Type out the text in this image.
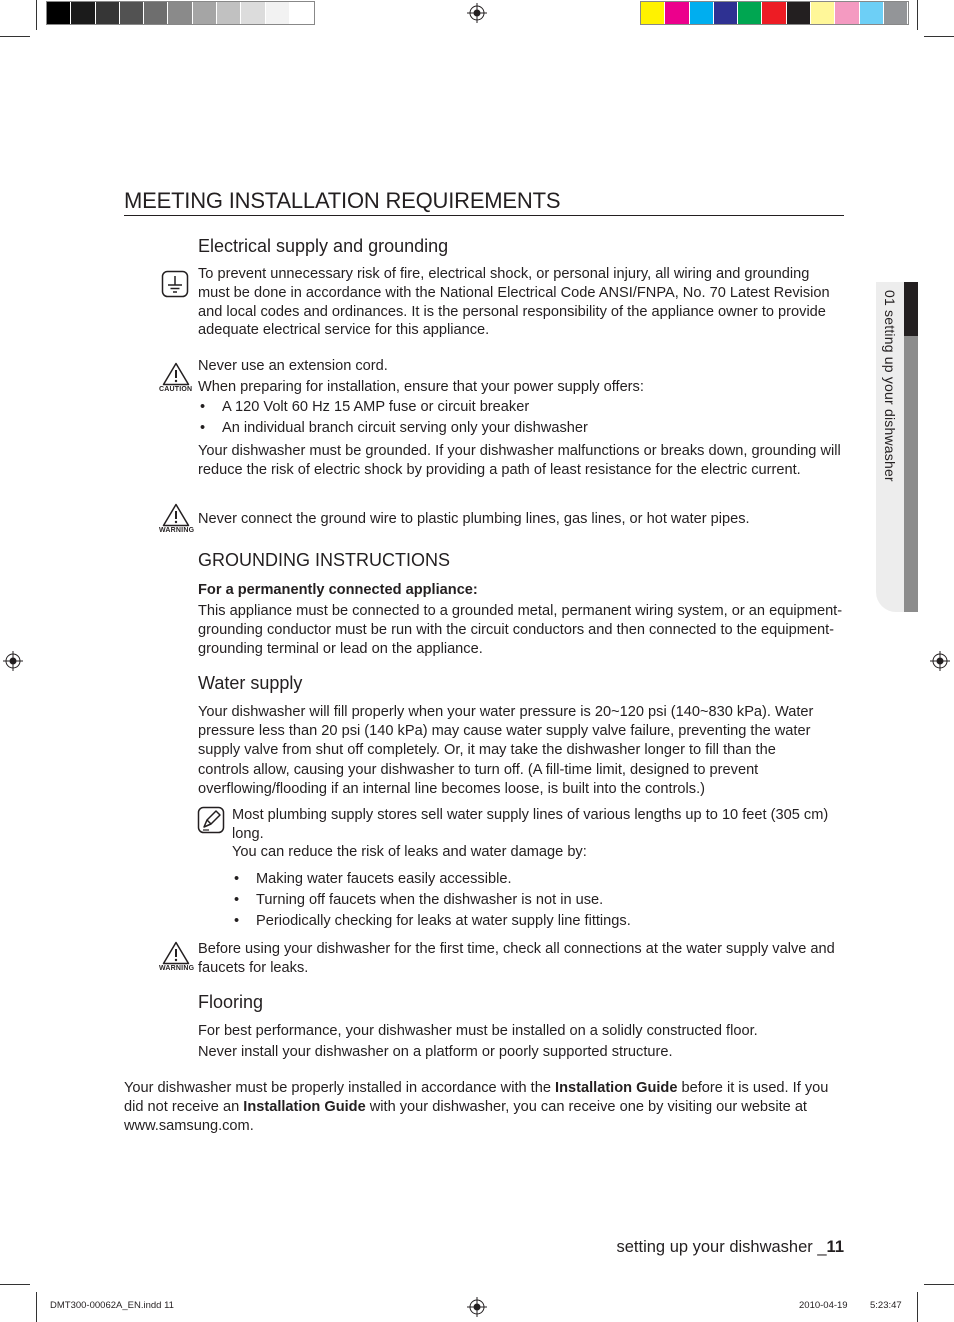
01 setting up your dishwasher
MEETING INSTALLATION REQUIREMENTS
Electrical supply and grounding

To prevent unnecessary risk of fire, electrical shock, or personal injury, all wiring and grounding must be done in accordance with the National Electrical Code ANSI/FNPA, No. 70 Latest Revision and local codes and ordinances. It is the personal responsibility of the appliance owner to provide adequate electrical service for this appliance.

CAUTION

Never use an extension cord.

When preparing for installation, ensure that your power supply offers:

• A 120 Volt 60 Hz 15 AMP fuse or circuit breaker
• An individual branch circuit serving only your dishwasher

Your dishwasher must be grounded. If your dishwasher malfunctions or breaks down, grounding will reduce the risk of electric shock by providing a path of least resistance for the electric current.

WARNING

Never connect the ground wire to plastic plumbing lines, gas lines, or hot water pipes.

GROUNDING INSTRUCTIONS

For a permanently connected appliance:

This appliance must be connected to a grounded metal, permanent wiring system, or an equipment-grounding conductor must be run with the circuit conductors and then connected to the equipment-grounding terminal or lead on the appliance.

Water supply

Your dishwasher will fill properly when your water pressure is 20~120 psi (140~830 kPa). Water pressure less than 20 psi (140 kPa) may cause water supply valve failure, preventing the water supply valve from shut off completely. Or, it may take the dishwasher longer to fill than the

controls allow, causing your dishwasher to turn off. (A fill-time limit, designed to prevent overflowing/flooding if an internal line becomes loose, is built into the controls.)

Most plumbing supply stores sell water supply lines of various lengths up to 10 feet (305 cm) long.

You can reduce the risk of leaks and water damage by:

• Making water faucets easily accessible.
• Turning off faucets when the dishwasher is not in use.
• Periodically checking for leaks at water supply line fittings.
WARNING

Before using your dishwasher for the first time, check all connections at the water supply valve and faucets for leaks.

Flooring

For best performance, your dishwasher must be installed on a solidly constructed floor.

Never install your dishwasher on a platform or poorly supported structure.

Your dishwasher must be properly installed in accordance with the Installation Guide before it is used. If you did not receive an Installation Guide with your dishwasher, you can receive one by visiting our website at www.samsung.com.

setting up your dishwasher _11
DMT300-00062A_EN.indd 11	2010-04-19 5:23:47
